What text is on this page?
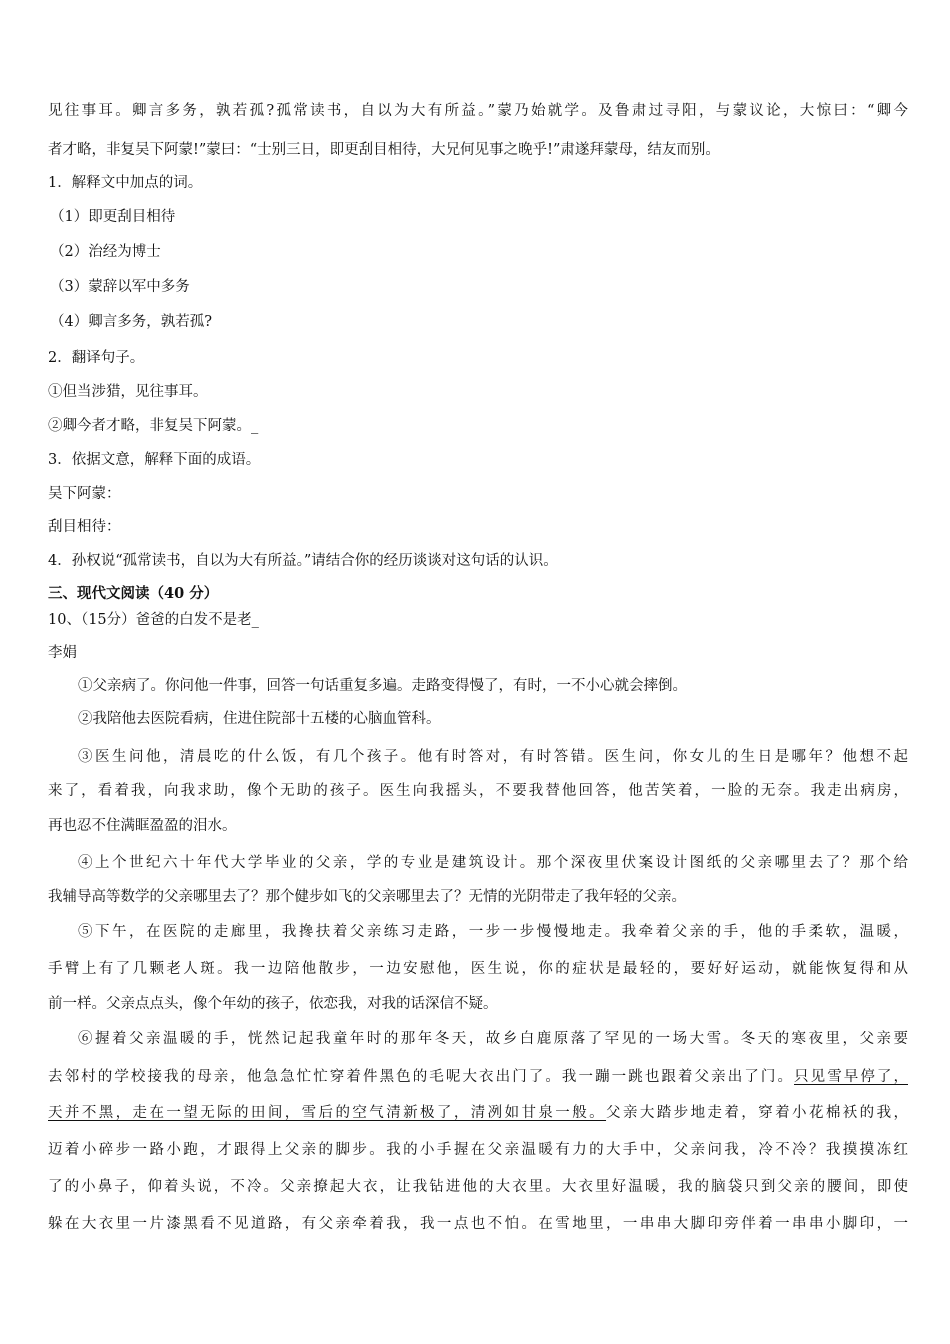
见往事耳。卿言多务，孰若孤?孤常读书，自以为大有所益。”蒙乃始就学。及鲁肃过寻阳，与蒙议论，大惊曰：“卿今
者才略，非复吴下阿蒙!”蒙曰：“士别三日，即更刮目相待，大兄何见事之晚乎!”肃遂拜蒙母，结友而别。
1．解释文中加点的词。
（1）即更刮目相待
（2）治经为博士
（3）蒙辞以军中多务
（4）卿言多务，孰若孤?
2．翻译句子。
①但当涉猎，见往事耳。
②卿今者才略，非复吴下阿蒙。_
3．依据文意，解释下面的成语。
吴下阿蒙：
刮目相待：
4．孙权说“孤常读书，自以为大有所益。”请结合你的经历谈谈对这句话的认识。
三、现代文阅读（40 分）
10、（15分）爸爸的白发不是老_
李娟
①父亲病了。你问他一件事，回答一句话重复多遍。走路变得慢了，有时，一不小心就会摔倒。
②我陪他去医院看病，住进住院部十五楼的心脑血管科。
③医生问他，清晨吃的什么饭，有几个孩子。他有时答对，有时答错。医生问，你女儿的生日是哪年？他想不起
来了，看着我，向我求助，像个无助的孩子。医生向我摇头，不要我替他回答，他苦笑着，一脸的无奈。我走出病房，
再也忍不住满眶盈盈的泪水。
④上个世纪六十年代大学毕业的父亲，学的专业是建筑设计。那个深夜里伏案设计图纸的父亲哪里去了？那个给
我辅导高等数学的父亲哪里去了？那个健步如飞的父亲哪里去了？无情的光阴带走了我年轻的父亲。
⑤下午，在医院的走廊里，我搀扶着父亲练习走路，一步一步慢慢地走。我牵着父亲的手，他的手柔软，温暖，
手臂上有了几颗老人斑。我一边陪他散步，一边安慰他，医生说，你的症状是最轻的，要好好运动，就能恢复得和从
前一样。父亲点点头，像个年幼的孩子，依恋我，对我的话深信不疑。
⑥握着父亲温暖的手，恍然记起我童年时的那年冬天，故乡白鹿原落了罕见的一场大雪。冬天的寒夜里，父亲要
去邻村的学校接我的母亲，他急急忙忙穿着件黑色的毛呢大衣出门了。我一蹦一跳也跟着父亲出了门。只见雪早停了，
天并不黑，走在一望无际的田间，雪后的空气清新极了，清冽如甘泉一般。父亲大踏步地走着，穿着小花棉袄的我，
迈着小碎步一路小跑，才跟得上父亲的脚步。我的小手握在父亲温暖有力的大手中，父亲问我，冷不冷？我摸摸冻红
了的小鼻子，仰着头说，不冷。父亲撩起大衣，让我钻进他的大衣里。大衣里好温暖，我的脑袋只到父亲的腰间，即使
躲在大衣里一片漆黑看不见道路，有父亲牵着我，我一点也不怕。在雪地里，一串串大脚印旁伴着一串串小脚印，一
